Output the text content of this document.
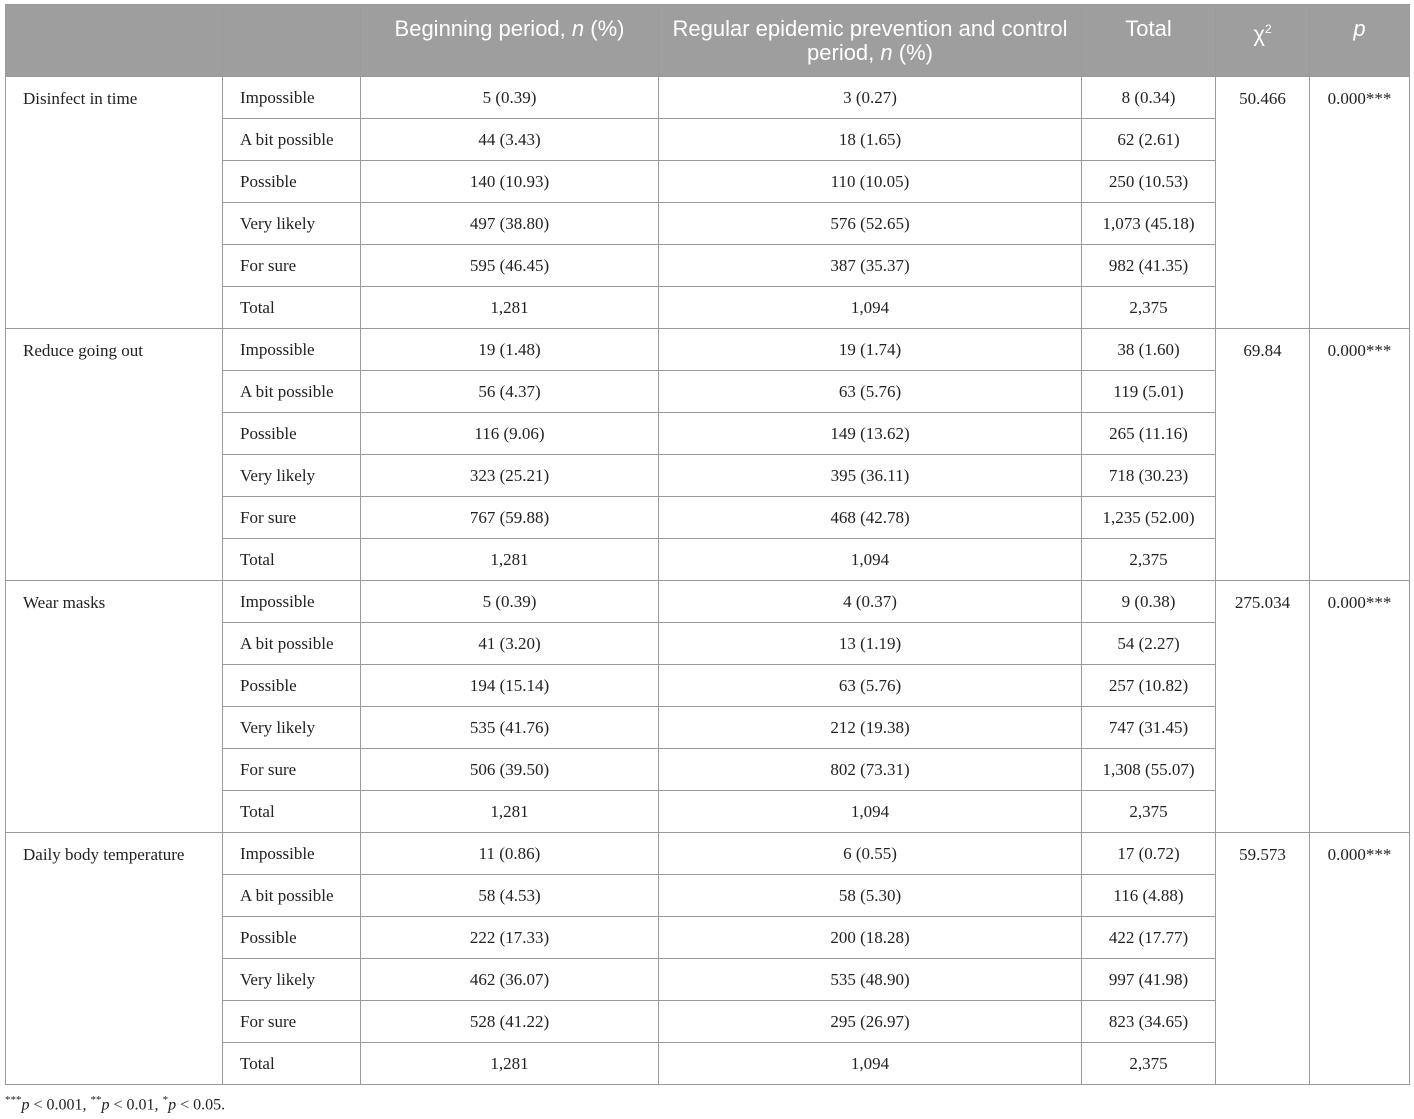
		Beginning period, n (%)	Regular epidemic prevention and control period, n (%)	Total	$\chi^2$	p
Disinfect in time	Impossible	5 (0.39)	3 (0.27)	8 (0.34)	50.466	0.000***
	A bit possible	44 (3.43)	18 (1.65)	62 (2.61)		
	Possible	140 (10.93)	110 (10.05)	250 (10.53)		
	Very likely	497 (38.80)	576 (52.65)	1,073 (45.18)		
	For sure	595 (46.45)	387 (35.37)	982 (41.35)		
	Total	1,281	1,094	2,375		
Reduce going out	Impossible	19 (1.48)	19 (1.74)	38 (1.60)	69.84	0.000***
	A bit possible	56 (4.37)	63 (5.76)	119 (5.01)		
	Possible	116 (9.06)	149 (13.62)	265 (11.16)		
	Very likely	323 (25.21)	395 (36.11)	718 (30.23)		
	For sure	767 (59.88)	468 (42.78)	1,235 (52.00)		
	Total	1,281	1,094	2,375		
Wear masks	Impossible	5 (0.39)	4 (0.37)	9 (0.38)	275.034	0.000***
	A bit possible	41 (3.20)	13 (1.19)	54 (2.27)		
	Possible	194 (15.14)	63 (5.76)	257 (10.82)		
	Very likely	535 (41.76)	212 (19.38)	747 (31.45)		
	For sure	506 (39.50)	802 (73.31)	1,308 (55.07)		
	Total	1,281	1,094	2,375		
Daily body temperature	Impossible	11 (0.86)	6 (0.55)	17 (0.72)	59.573	0.000***
	A bit possible	58 (4.53)	58 (5.30)	116 (4.88)		
	Possible	222 (17.33)	200 (18.28)	422 (17.77)		
	Very likely	462 (36.07)	535 (48.90)	997 (41.98)		
	For sure	528 (41.22)	295 (26.97)	823 (34.65)		
	Total	1,281	1,094	2,375		
***p < 0.001, **p < 0.01, *p < 0.05.
